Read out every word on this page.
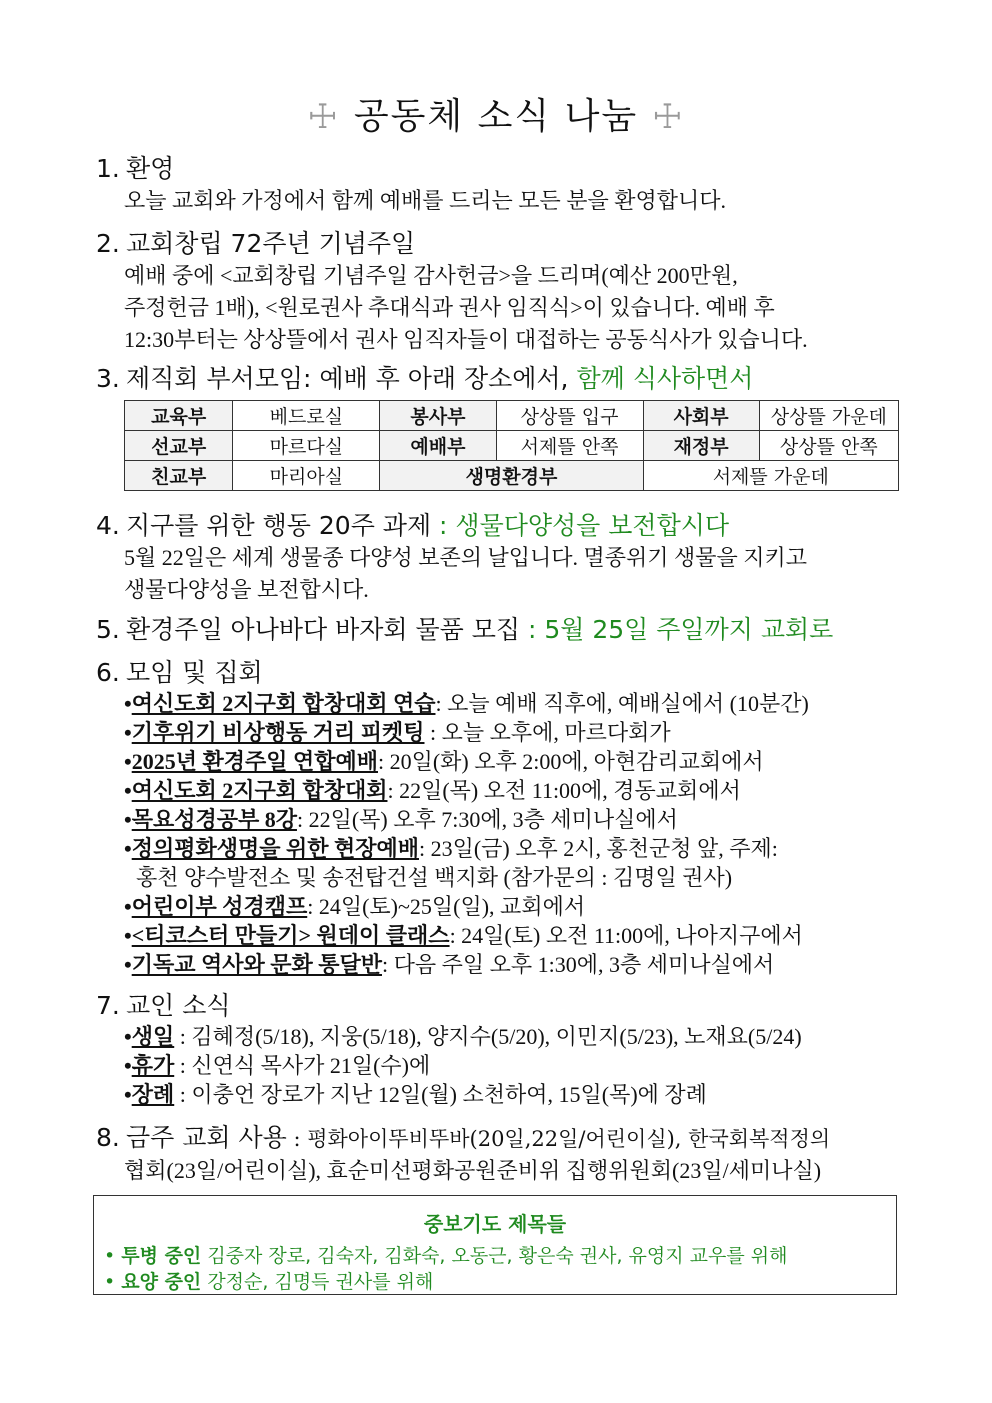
☩ 공동체 소식 나눔 ☩
1. 환영
오늘 교회와 가정에서 함께 예배를 드리는 모든 분을 환영합니다.
2. 교회창립 72주년 기념주일
예배 중에 <교회창립 기념주일 감사헌금>을 드리며(예산 200만원,
주정헌금 1배), <원로권사 추대식과 권사 임직식>이 있습니다. 예배 후
12:30부터는 상상뜰에서 권사 임직자들이 대접하는 공동식사가 있습니다.
3. 제직회 부서모임: 예배 후 아래 장소에서, 함께 식사하면서
교육부	베드로실	봉사부	상상뜰 입구	사회부	상상뜰 가운데
선교부	마르다실	예배부	서제뜰 안쪽	재정부	상상뜰 안쪽
친교부	마리아실	생명환경부		서제뜰 가운데	
4. 지구를 위한 행동 20주 과제 : 생물다양성을 보전합시다
5월 22일은 세계 생물종 다양성 보존의 날입니다. 멸종위기 생물을 지키고
생물다양성을 보전합시다.
5. 환경주일 아나바다 바자회 물품 모집 : 5월 25일 주일까지 교회로
6. 모임 및 집회
•여신도회 2지구회 합창대회 연습: 오늘 예배 직후에, 예배실에서 (10분간)
•기후위기 비상행동 거리 피켓팅 : 오늘 오후에, 마르다회가
•2025년 환경주일 연합예배: 20일(화) 오후 2:00에, 아현감리교회에서
•여신도회 2지구회 합창대회: 22일(목) 오전 11:00에, 경동교회에서
•목요성경공부 8강: 22일(목) 오후 7:30에, 3층 세미나실에서
•정의평화생명을 위한 현장예배: 23일(금) 오후 2시, 홍천군청 앞, 주제:
홍천 양수발전소 및 송전탑건설 백지화 (참가문의 : 김명일 권사)
•어린이부 성경캠프: 24일(토)~25일(일), 교회에서
•<티코스터 만들기> 원데이 클래스: 24일(토) 오전 11:00에, 나아지구에서
•기독교 역사와 문화 통달반: 다음 주일 오후 1:30에, 3층 세미나실에서
7. 교인 소식
•생일 : 김혜정(5/18), 지웅(5/18), 양지수(5/20), 이민지(5/23), 노재요(5/24)
•휴가 : 신연식 목사가 21일(수)에
•장례 : 이충언 장로가 지난 12일(월) 소천하여, 15일(목)에 장례
8. 금주 교회 사용 : 평화아이뚜비뚜바(20일,22일/어린이실), 한국회복적정의
협회(23일/어린이실), 효순미선평화공원준비위 집행위원회(23일/세미나실)
중보기도 제목들
• 투병 중인 김중자 장로, 김숙자, 김화숙, 오동근, 황은숙 권사, 유영지 교우를 위해
• 요양 중인 강정순, 김명득 권사를 위해
